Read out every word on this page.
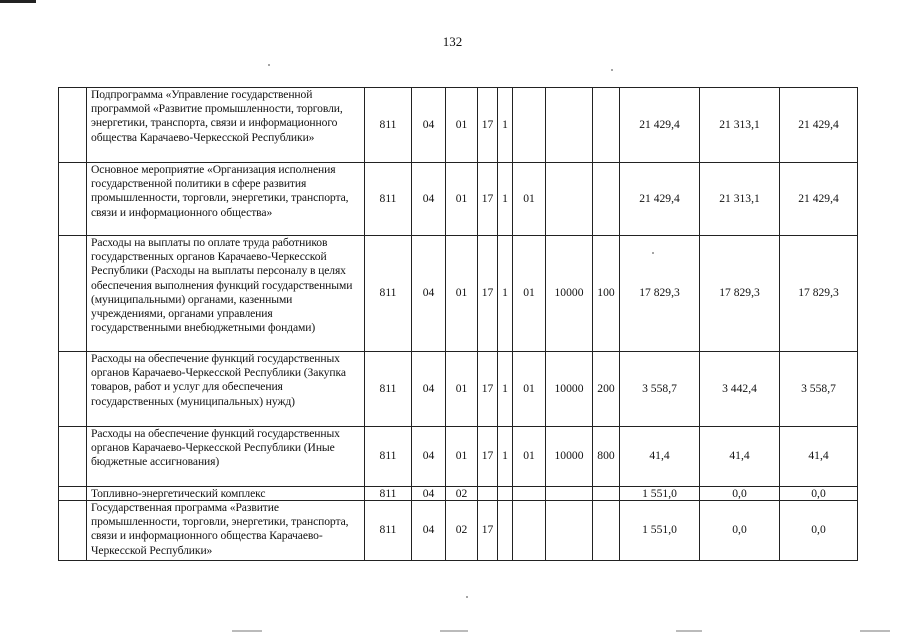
132
	Подпрограмма «Управление государственной программой «Развитие промышленности, торговли, энергетики, транспорта, связи и информационного общества Карачаево-Черкесской Республики»	811	04	01	17	1				21 429,4	21 313,1	21 429,4
	Основное мероприятие «Организация исполнения государственной политики в сфере развития промышленности, торговли, энергетики, транспорта, связи и информационного общества»	811	04	01	17	1	01			21 429,4	21 313,1	21 429,4
	Расходы на выплаты по оплате труда работников государственных органов Карачаево-Черкесской Республики (Расходы на выплаты персоналу в целях обеспечения выполнения функций государственными (муниципальными) органами, казенными учреждениями, органами управления государственными внебюджетными фондами)	811	04	01	17	1	01	10000	100	17 829,3	17 829,3	17 829,3
	Расходы на обеспечение функций государственных органов Карачаево-Черкесской Республики (Закупка товаров, работ и услуг для обеспечения государственных (муниципальных) нужд)	811	04	01	17	1	01	10000	200	3 558,7	3 442,4	3 558,7
	Расходы на обеспечение функций государственных органов Карачаево-Черкесской Республики (Иные бюджетные ассигнования)	811	04	01	17	1	01	10000	800	41,4	41,4	41,4
	Топливно-энергетический комплекс	811	04	02						1 551,0	0,0	0,0
	Государственная программа «Развитие промышленности, торговли, энергетики, транспорта, связи и информационного общества Карачаево-Черкесской Республики»	811	04	02	17					1 551,0	0,0	0,0
